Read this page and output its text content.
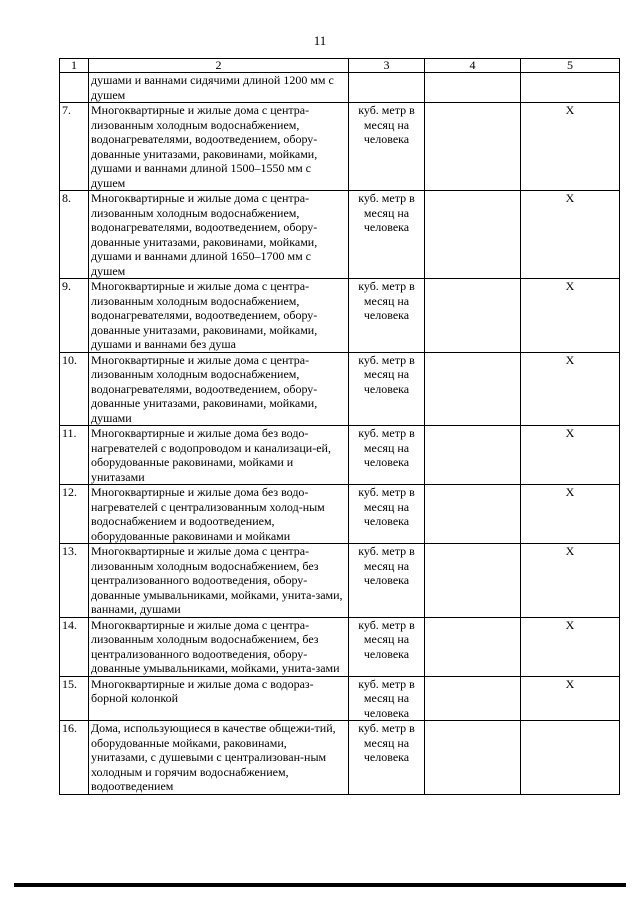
11
1	2	3	4	5
	душами и ваннами сидячими длиной 1200 мм с душем			
7.	Многоквартирные и жилые дома с центра-лизованным холодным водоснабжением, водонагревателями, водоотведением, обору-дованные унитазами, раковинами, мойками, душами и ваннами длиной 1500–1550 мм с душем	куб. метр в месяц на человека		Х
8.	Многоквартирные и жилые дома с центра-лизованным холодным водоснабжением, водонагревателями, водоотведением, обору-дованные унитазами, раковинами, мойками, душами и ваннами длиной 1650–1700 мм с душем	куб. метр в месяц на человека		Х
9.	Многоквартирные и жилые дома с центра-лизованным холодным водоснабжением, водонагревателями, водоотведением, обору-дованные унитазами, раковинами, мойками, душами и ваннами без душа	куб. метр в месяц на человека		Х
10.	Многоквартирные и жилые дома с центра-лизованным холодным водоснабжением, водонагревателями, водоотведением, обору-дованные унитазами, раковинами, мойками, душами	куб. метр в месяц на человека		Х
11.	Многоквартирные и жилые дома без водо-нагревателей с водопроводом и канализаци-ей, оборудованные раковинами, мойками и унитазами	куб. метр в месяц на человека		Х
12.	Многоквартирные и жилые дома без водо-нагревателей с централизованным холод-ным водоснабжением и водоотведением, оборудованные раковинами и мойками	куб. метр в месяц на человека		Х
13.	Многоквартирные и жилые дома с центра-лизованным холодным водоснабжением, без централизованного водоотведения, обору-дованные умывальниками, мойками, унита-зами, ваннами, душами	куб. метр в месяц на человека		Х
14.	Многоквартирные и жилые дома с центра-лизованным холодным водоснабжением, без централизованного водоотведения, обору-дованные умывальниками, мойками, унита-зами	куб. метр в месяц на человека		Х
15.	Многоквартирные и жилые дома с водораз-борной колонкой	куб. метр в месяц на человека		Х
16.	Дома, использующиеся в качестве общежи-тий, оборудованные мойками, раковинами, унитазами, с душевыми с централизован-ным холодным и горячим водоснабжением, водоотведением	куб. метр в месяц на человека		
